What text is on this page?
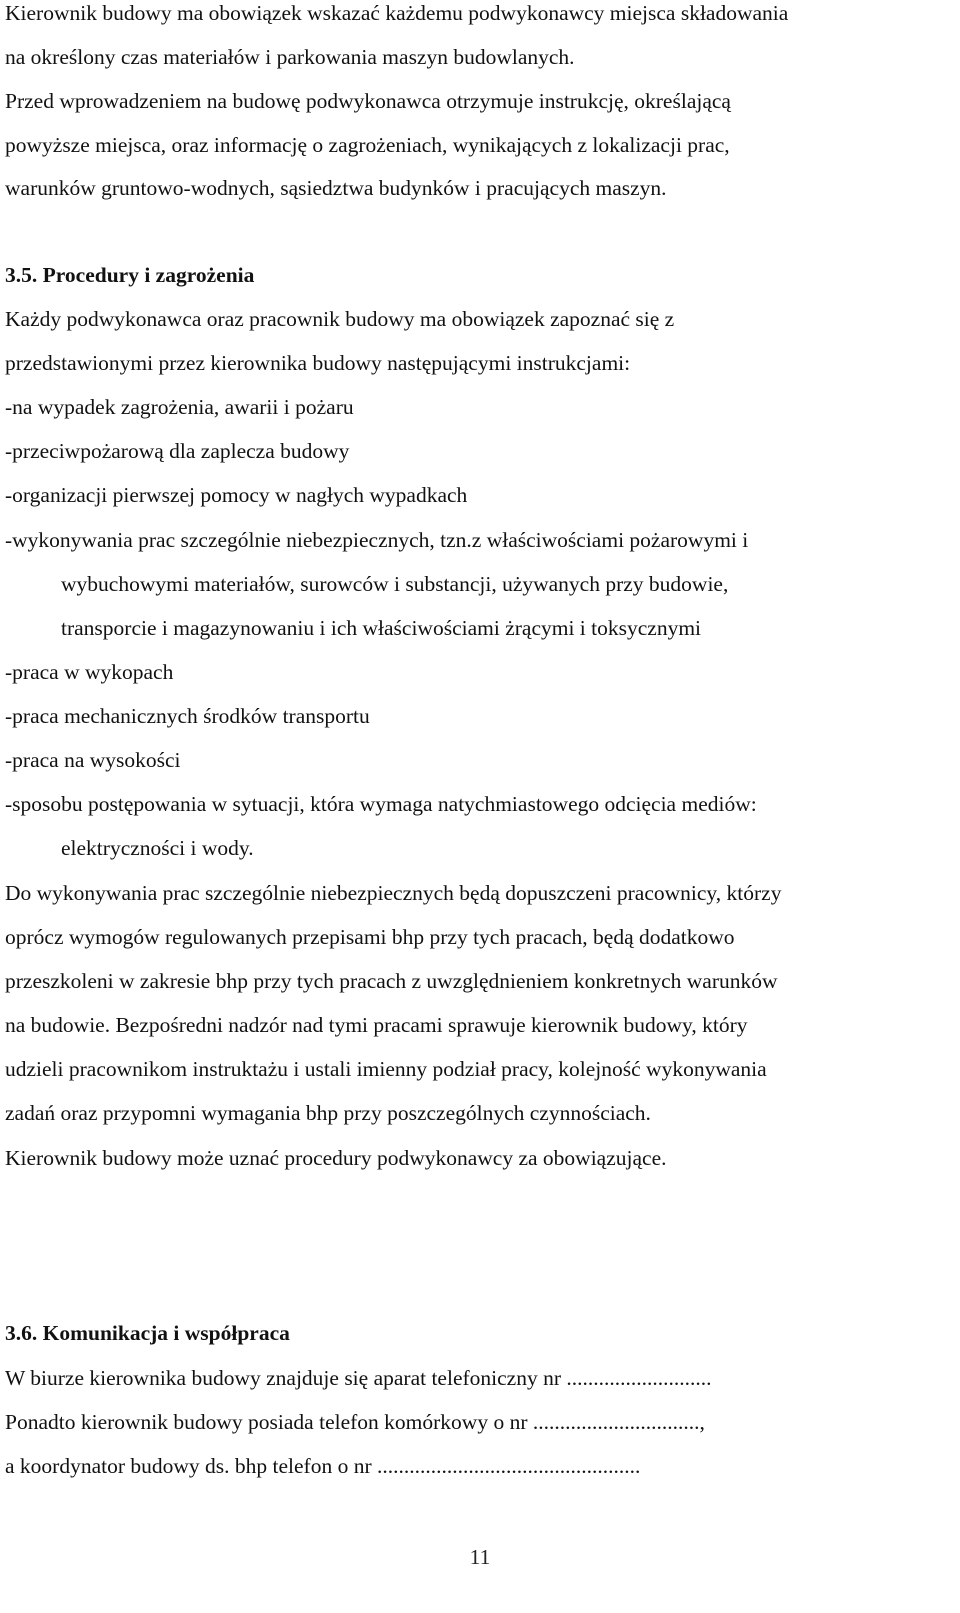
Kierownik budowy ma obowiązek wskazać każdemu podwykonawcy miejsca składowania
na określony czas materiałów i parkowania maszyn budowlanych.
Przed wprowadzeniem na budowę podwykonawca otrzymuje instrukcję, określającą
powyższe miejsca, oraz informację o zagrożeniach, wynikających z lokalizacji prac,
warunków gruntowo-wodnych, sąsiedztwa budynków i pracujących maszyn.
3.5. Procedury i zagrożenia
Każdy podwykonawca oraz pracownik budowy ma obowiązek zapoznać się z
przedstawionymi przez kierownika budowy następującymi instrukcjami:
-na wypadek zagrożenia, awarii i pożaru
-przeciwpożarową dla zaplecza budowy
-organizacji pierwszej pomocy w nagłych wypadkach
-wykonywania prac szczególnie niebezpiecznych, tzn.z właściwościami pożarowymi i
wybuchowymi materiałów, surowców i substancji, używanych przy budowie,
transporcie i magazynowaniu i ich właściwościami żrącymi i toksycznymi
-praca w wykopach
-praca mechanicznych środków transportu
-praca na wysokości
-sposobu postępowania w sytuacji, która wymaga natychmiastowego odcięcia mediów:
elektryczności i wody.
Do wykonywania prac szczególnie niebezpiecznych będą dopuszczeni pracownicy, którzy
oprócz wymogów regulowanych przepisami bhp przy tych pracach, będą dodatkowo
przeszkoleni w zakresie bhp przy tych pracach z uwzględnieniem konkretnych warunków
na budowie. Bezpośredni nadzór nad tymi pracami sprawuje kierownik budowy, który
udzieli pracownikom instruktażu i ustali imienny podział pracy, kolejność wykonywania
zadań oraz przypomni wymagania bhp przy poszczególnych czynnościach.
Kierownik budowy może uznać procedury podwykonawcy za obowiązujące.
3.6. Komunikacja i współpraca
W biurze kierownika budowy znajduje się aparat telefoniczny nr ...........................
Ponadto kierownik budowy posiada telefon komórkowy o nr ...............................,
a koordynator budowy ds. bhp telefon o nr .................................................
11
